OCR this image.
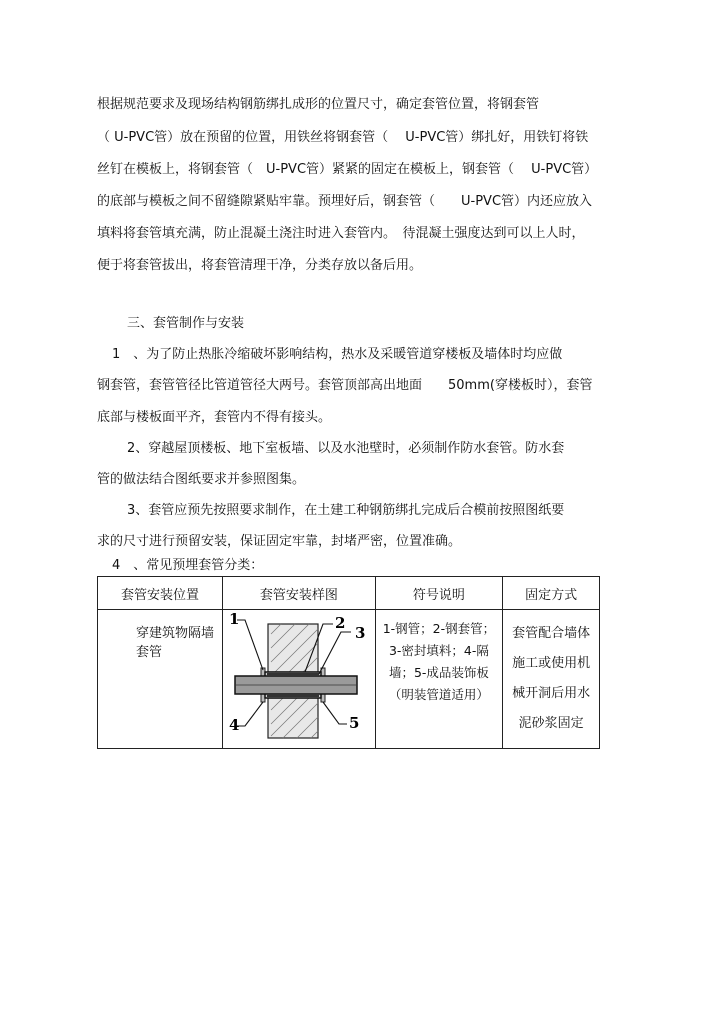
根据规范要求及现场结构钢筋绑扎成形的位置尺寸，确定套管位置，将钢套管
（ U-PVC管）放在预留的位置，用铁丝将钢套管（　 U-PVC管）绑扎好，用铁钉将铁
丝钉在模板上，将钢套管（　U-PVC管）紧紧的固定在模板上，钢套管（　 U-PVC管）
的底部与模板之间不留缝隙紧贴牢靠。预埋好后，钢套管（　　U-PVC管）内还应放入
填料将套管填充满，防止混凝土浇注时进入套管内。　待混凝土强度达到可以上人时，
便于将套管拔出，将套管清理干净，分类存放以备后用。
三、套管制作与安装
1　、为了防止热胀冷缩破坏影响结构，热水及采暖管道穿楼板及墙体时均应做
钢套管，套管管径比管道管径大两号。套管顶部高出地面　　50mm(穿楼板时），套管
底部与楼板面平齐，套管内不得有接头。
2、穿越屋顶楼板、地下室板墙、以及水池壁时，必须制作防水套管。防水套
管的做法结合图纸要求并参照图集。
3、套管应预先按照要求制作，在土建工种钢筋绑扎完成后合模前按照图纸要
求的尺寸进行预留安装，保证固定牢靠，封堵严密，位置准确。
4　、常见预埋套管分类：
套管安装位置	套管安装样图	符号说明	固定方式

穿建筑物隔墙套管	1 2
3
4 5	1-钢管；2-钢套管；3-密封填料；4-隔墙；5-成品装饰板（明装管道适用）	套管配合墙体施工或使用机械开洞后用水泥砂浆固定
